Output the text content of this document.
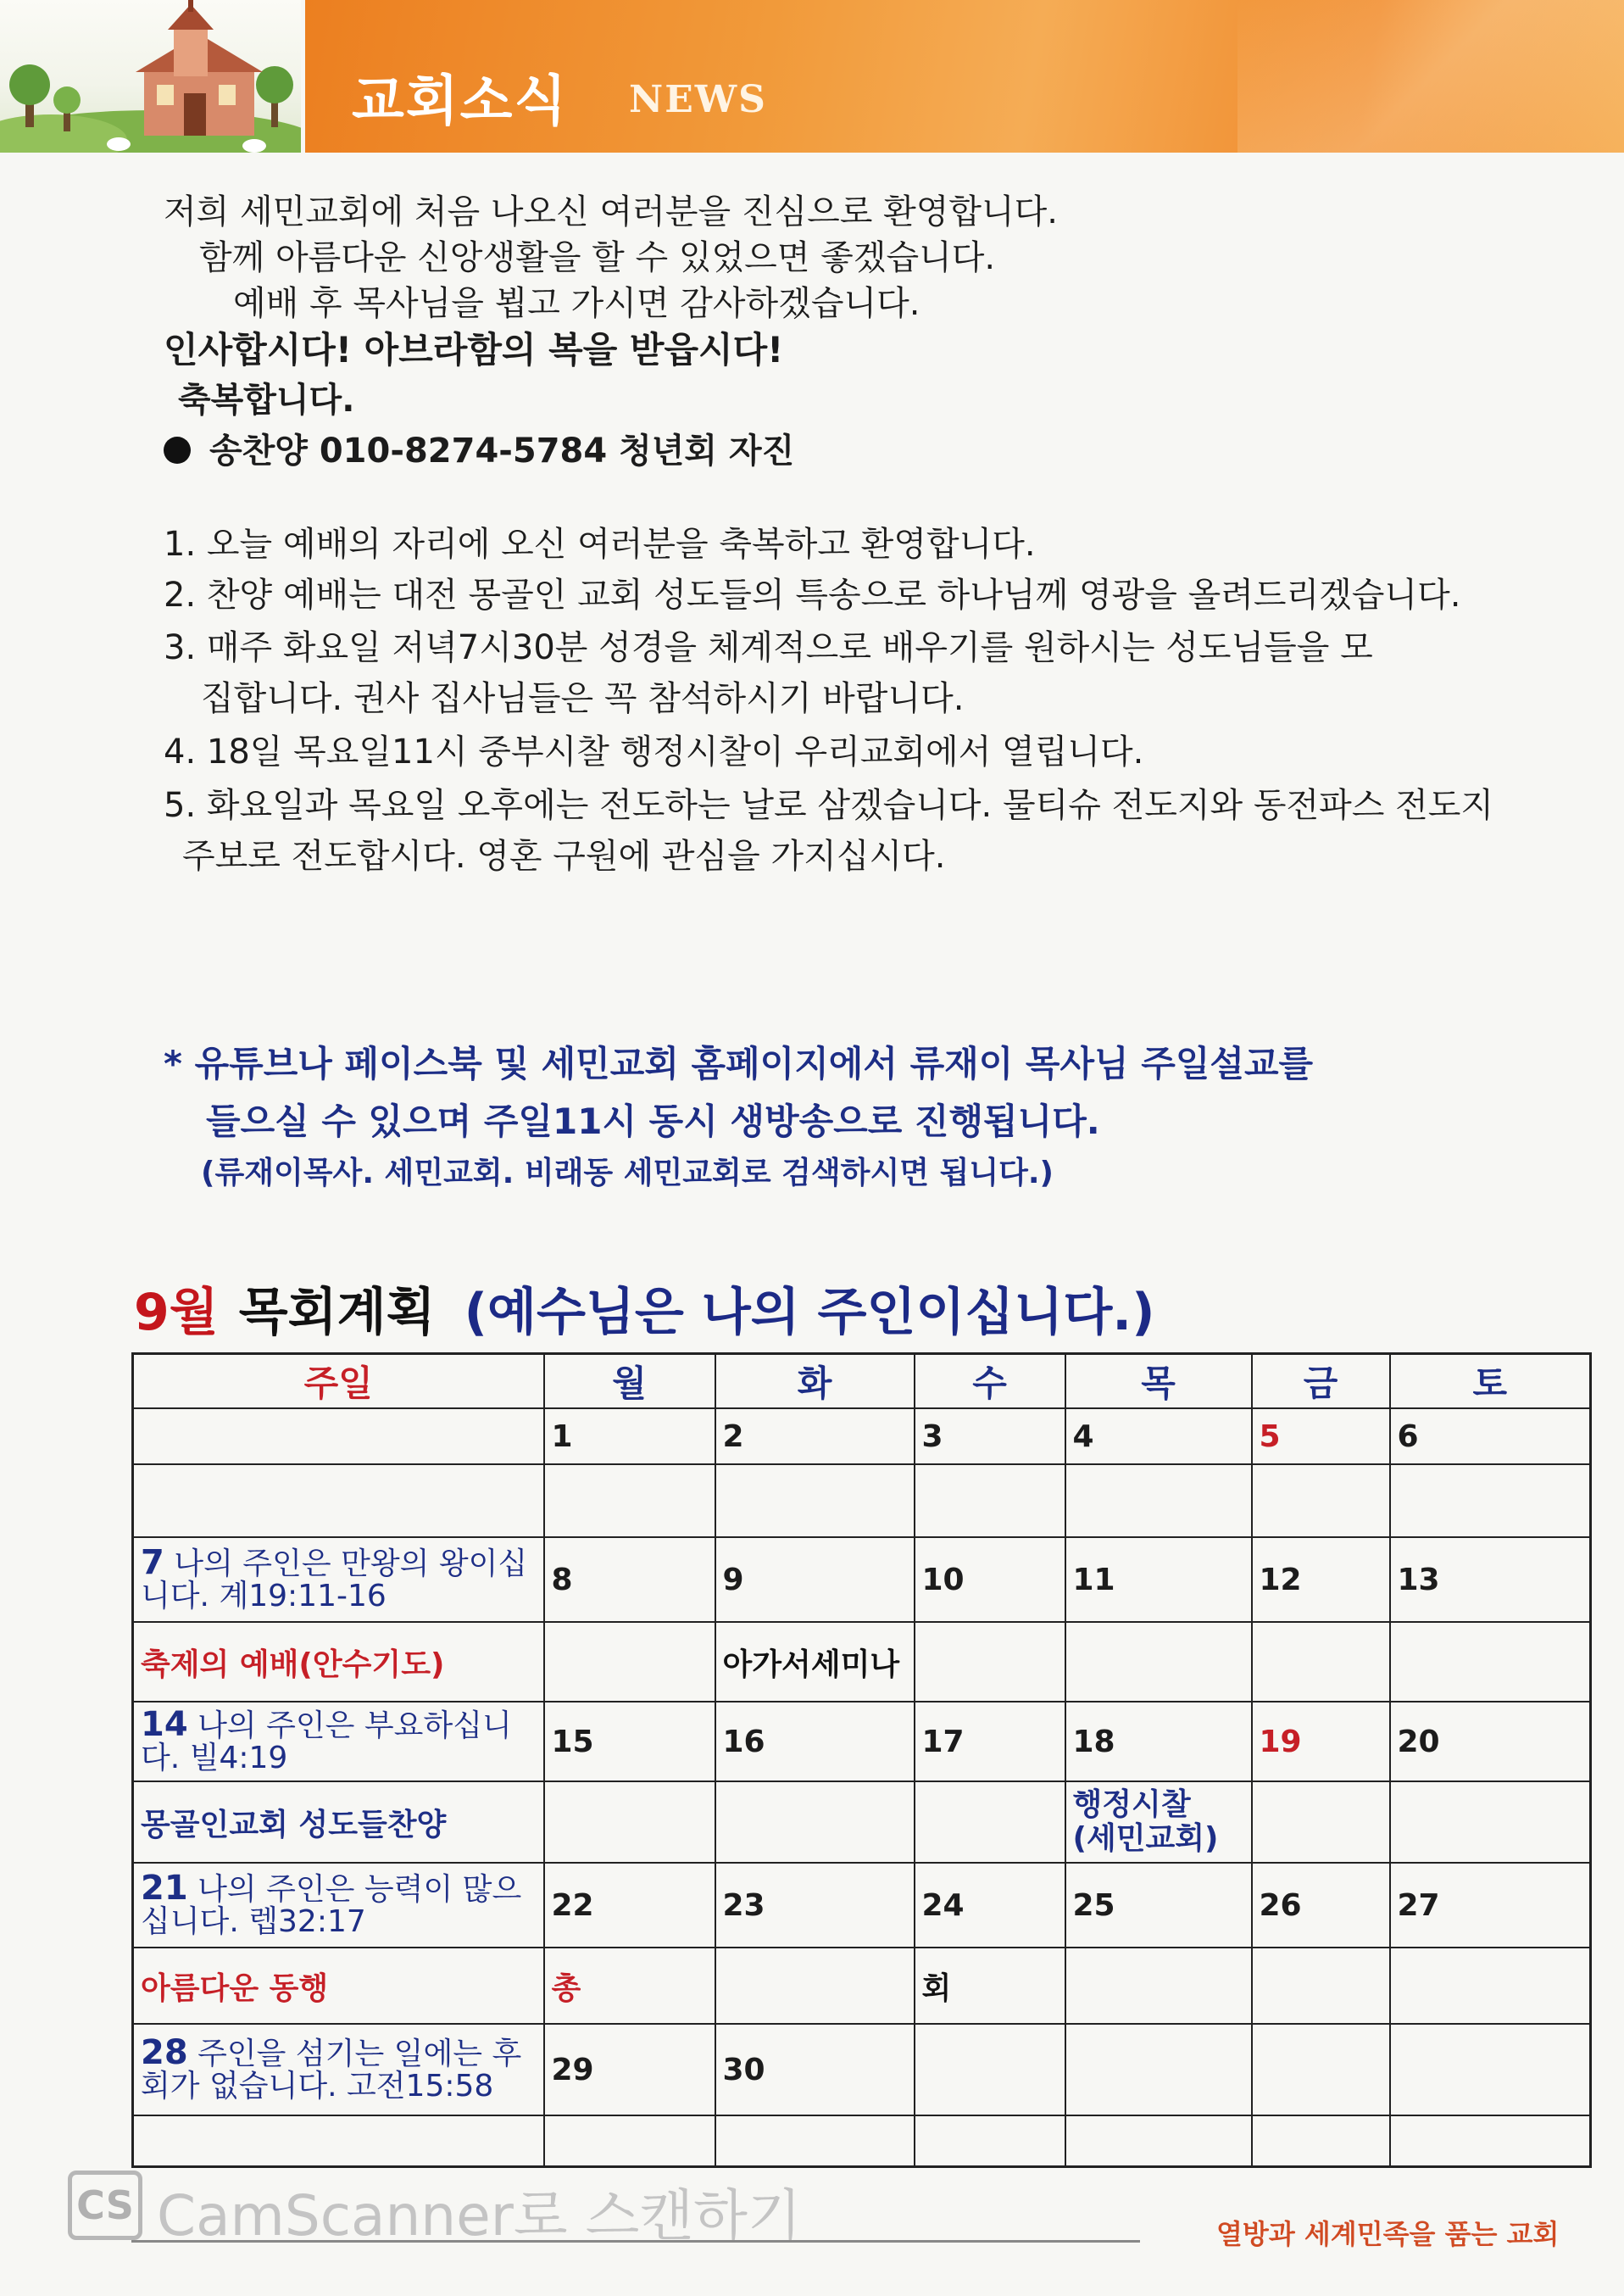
교회소식 NEWS
저희 세민교회에 처음 나오신 여러분을 진심으로 환영합니다.
함께 아름다운 신앙생활을 할 수 있었으면 좋겠습니다.
예배 후 목사님을 뵙고 가시면 감사하겠습니다.
인사합시다! 아브라함의 복을 받읍시다!
축복합니다.
송찬양 010-8274-5784 청년회 자진
1. 오늘 예배의 자리에 오신 여러분을 축복하고 환영합니다.
2. 찬양 예배는 대전 몽골인 교회 성도들의 특송으로 하나님께 영광을 올려드리겠습니다.
3. 매주 화요일 저녁7시30분 성경을 체계적으로 배우기를 원하시는 성도님들을 모
집합니다. 권사 집사님들은 꼭 참석하시기 바랍니다.
4. 18일 목요일11시 중부시찰 행정시찰이 우리교회에서 열립니다.
5. 화요일과 목요일 오후에는 전도하는 날로 삼겠습니다. 물티슈 전도지와 동전파스 전도지
주보로 전도합시다. 영혼 구원에 관심을 가지십시다.
* 유튜브나 페이스북 및 세민교회 홈페이지에서 류재이 목사님 주일설교를
들으실 수 있으며 주일11시 동시 생방송으로 진행됩니다.
(류재이목사. 세민교회. 비래동 세민교회로 검색하시면 됩니다.)
9월 목회계획 (예수님은 나의 주인이십니다.)
주일	월	화	수	목	금	토
	1	2	3	4	5	6

7 나의 주인은 만왕의 왕이십니다. 계19:11-16	8	9	10	11	12	13
축제의 예배(안수기도)		아가서세미나				
14 나의 주인은 부요하십니다. 빌4:19	15	16	17	18	19	20
몽골인교회 성도들찬양				행정시찰
(세민교회)		

21 나의 주인은 능력이 많으십니다. 렙32:17	22	23	24	25	26	27
아름다운 동행	총		회			
28 주인을 섬기는 일에는 후회가 없습니다. 고전15:58	29	30				

CS CamScanner로 스캔하기	열방과 세계민족을 품는 교회
